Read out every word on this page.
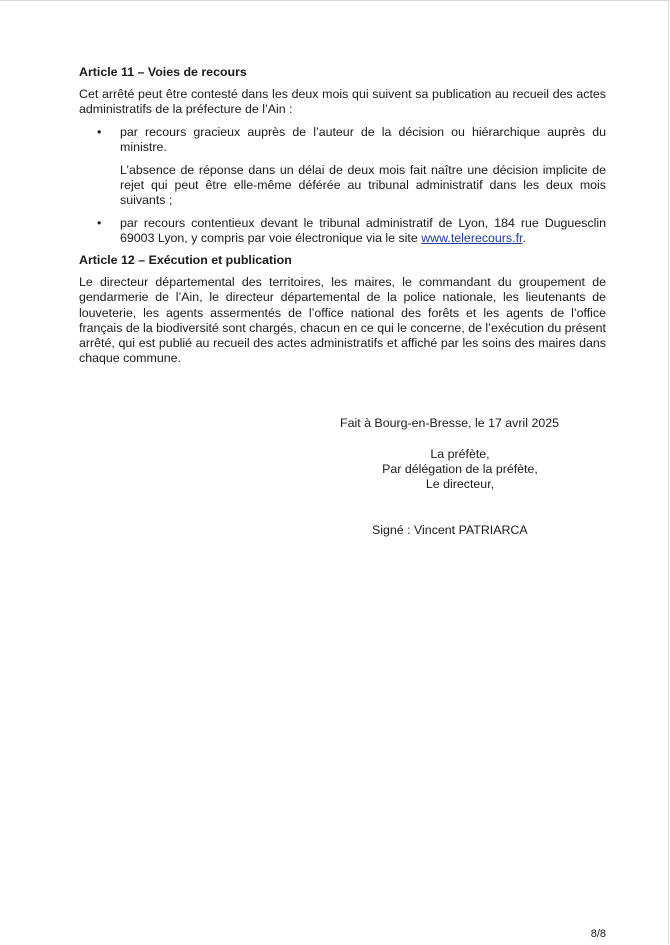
Article 11 – Voies de recours

Cet arrêté peut être contesté dans les deux mois qui suivent sa publication au recueil des actes administratifs de la préfecture de l’Ain :

• par recours gracieux auprès de l’auteur de la décision ou hiérarchique auprès du ministre.

L’absence de réponse dans un délai de deux mois fait naître une décision implicite de rejet qui peut être elle-même déférée au tribunal administratif dans les deux mois suivants ;

• par recours contentieux devant le tribunal administratif de Lyon, 184 rue Duguesclin 69003 Lyon, y compris par voie électronique via le site www.telerecours.fr.

Article 12 – Exécution et publication

Le directeur départemental des territoires, les maires, le commandant du groupement de gendarmerie de l’Ain, le directeur départemental de la police nationale, les lieutenants de louveterie, les agents assermentés de l’office national des forêts et les agents de l’office français de la biodiversité sont chargés, chacun en ce qui le concerne, de l’exécution du présent arrêté, qui est publié au recueil des actes administratifs et affiché par les soins des maires dans chaque commune.

Fait à Bourg-en-Bresse, le 17 avril 2025
La préfète,
Par délégation de la préfète,
Le directeur,
Signé : Vincent PATRIARCA
8/8
